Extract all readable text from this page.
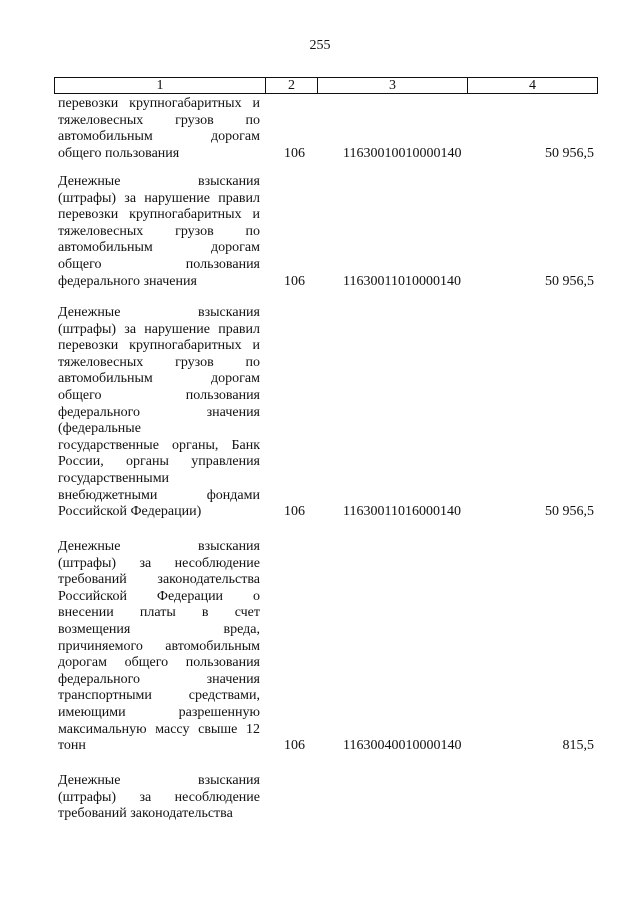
255
1	2	3	4
перевозки крупногабаритных и
тяжеловесных грузов по
автомобильным дорогам
общего пользования	106	11630010010000140	50 956,5
Денежные взыскания
(штрафы) за нарушение правил
перевозки крупногабаритных и
тяжеловесных грузов по
автомобильным дорогам
общего пользования
федерального значения	106	11630011010000140	50 956,5
Денежные взыскания
(штрафы) за нарушение правил
перевозки крупногабаритных и
тяжеловесных грузов по
автомобильным дорогам
общего пользования
федерального значения
(федеральные
государственные органы, Банк
России, органы управления
государственными
внебюджетными фондами
Российской Федерации)	106	11630011016000140	50 956,5
Денежные взыскания
(штрафы) за несоблюдение
требований законодательства
Российской Федерации о
внесении платы в счет
возмещения вреда,
причиняемого автомобильным
дорогам общего пользования
федерального значения
транспортными средствами,
имеющими разрешенную
максимальную массу свыше 12
тонн	106	11630040010000140	815,5
Денежные взыскания
(штрафы) за несоблюдение
требований законодательства
